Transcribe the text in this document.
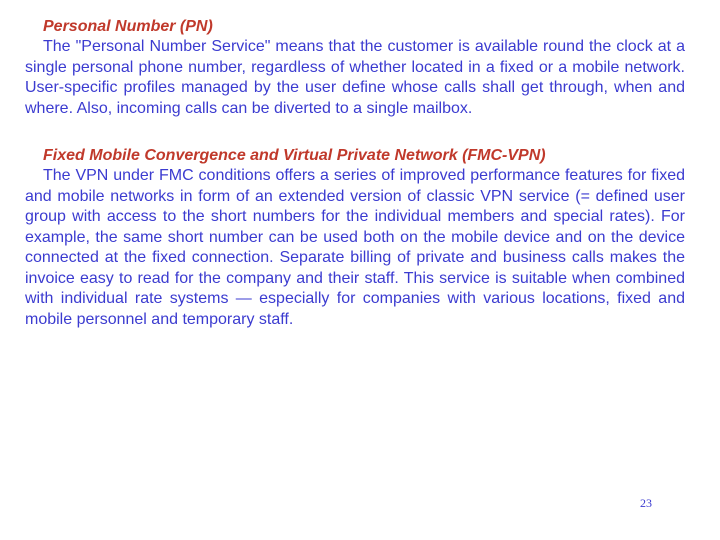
Personal Number (PN)

The "Personal Number Service" means that the customer is available round the clock at a single personal phone number, regardless of whether located in a fixed or a mobile network. User-specific profiles managed by the user define whose calls shall get through, when and where. Also, incoming calls can be diverted to a single mailbox.

Fixed Mobile Convergence and Virtual Private Network (FMC-VPN)

The VPN under FMC conditions offers a series of improved performance features for fixed and mobile networks in form of an extended version of classic VPN service (= defined user group with access to the short numbers for the individual members and special rates). For example, the same short number can be used both on the mobile device and on the device connected at the fixed connection. Separate billing of private and business calls makes the invoice easy to read for the company and their staff. This service is suitable when combined with individual rate systems — especially for companies with various locations, fixed and mobile personnel and temporary staff.

23
